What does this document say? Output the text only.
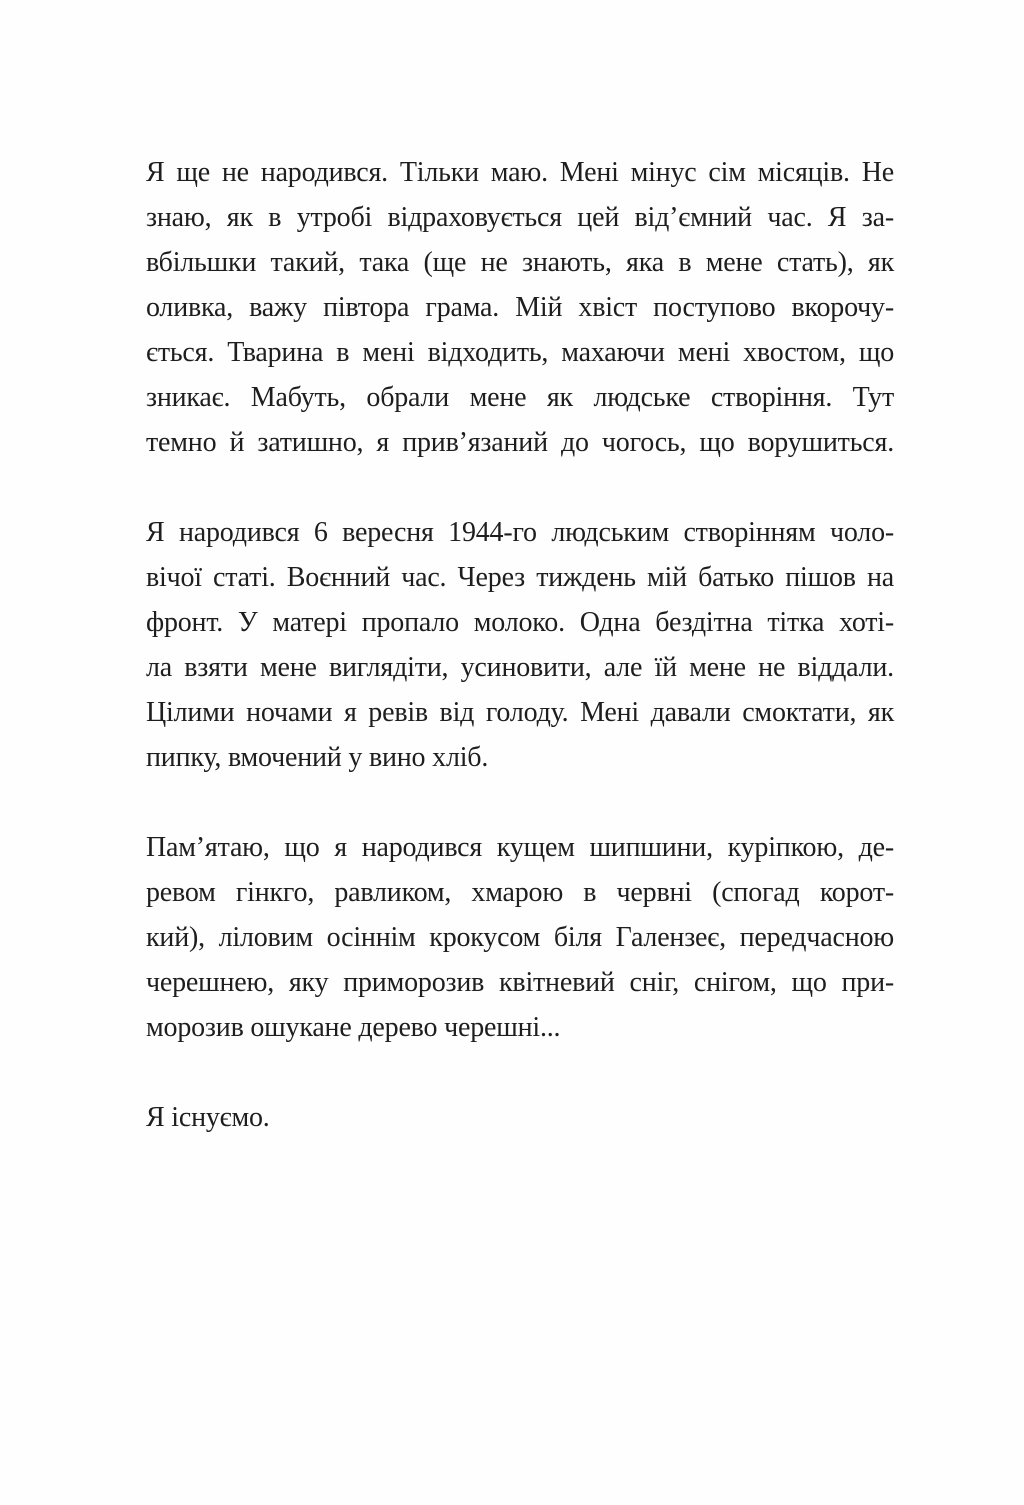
Я ще не народився. Тільки маю. Мені мінус сім місяців. Не
знаю, як в утробі відраховується цей від’ємний час. Я за-
вбільшки такий, така (ще не знають, яка в мене стать), як
оливка, важу півтора грама. Мій хвіст поступово вкорочу-
ється. Тварина в мені відходить, махаючи мені хвостом, що
зникає. Мабуть, обрали мене як людське створіння. Тут
темно й затишно, я прив’язаний до чогось, що ворушиться.
Я народився 6 вересня 1944-го людським створінням чоло-
вічої статі. Воєнний час. Через тиждень мій батько пішов на
фронт. У матері пропало молоко. Одна бездітна тітка хоті-
ла взяти мене виглядіти, усиновити, але їй мене не віддали.
Цілими ночами я ревів від голоду. Мені давали смоктати, як
пипку, вмочений у вино хліб.
Пам’ятаю, що я народився кущем шипшини, куріпкою, де-
ревом гінкго, равликом, хмарою в червні (спогад корот-
кий), ліловим осіннім крокусом біля Галензеє, передчасною
черешнею, яку приморозив квітневий сніг, снігом, що при-
морозив ошукане дерево черешні...
Я існуємо.
